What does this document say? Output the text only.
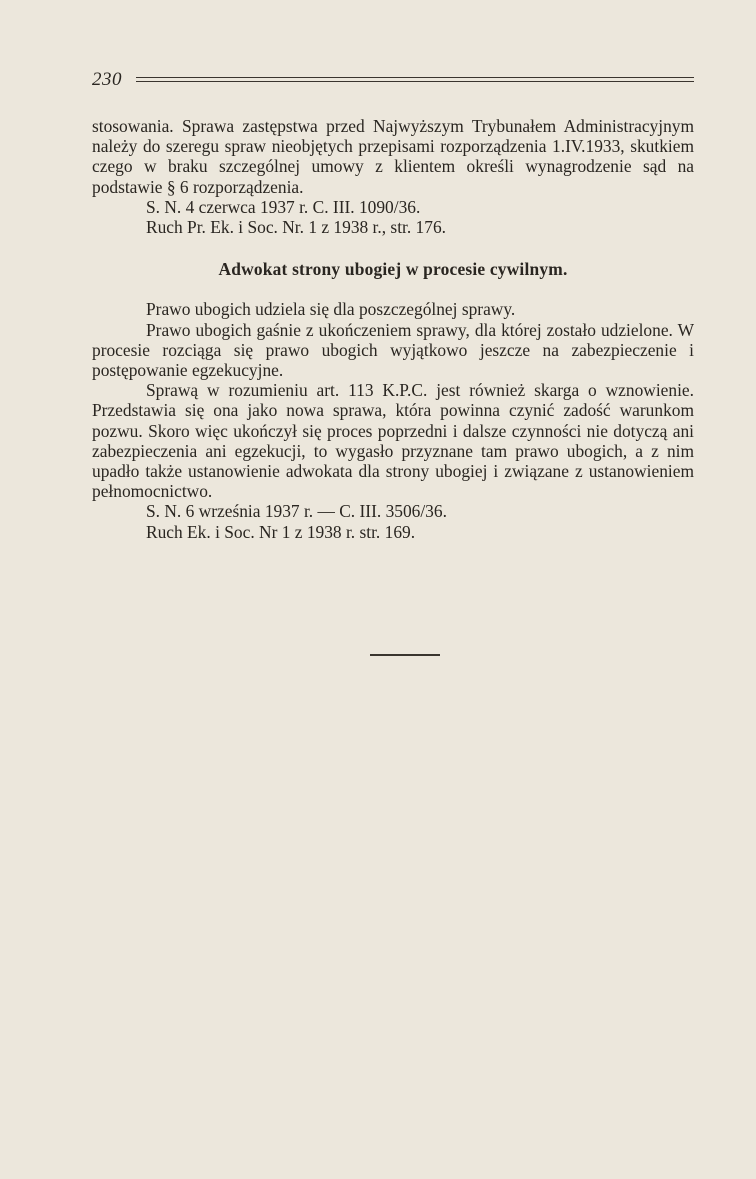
230

stosowania. Sprawa zastępstwa przed Najwyższym Trybunałem Administracyjnym należy do szeregu spraw nieobjętych przepisami rozporządzenia 1.IV.1933, skutkiem czego w braku szczególnej umowy z klientem określi wynagrodzenie sąd na podstawie § 6 rozporządzenia.

S. N. 4 czerwca 1937 r. C. III. 1090/36.

Ruch Pr. Ek. i Soc. Nr. 1 z 1938 r., str. 176.

Adwokat strony ubogiej w procesie cywilnym.

Prawo ubogich udziela się dla poszczególnej sprawy.

Prawo ubogich gaśnie z ukończeniem sprawy, dla której zostało udzielone. W procesie rozciąga się prawo ubogich wyjątkowo jeszcze na zabezpieczenie i postępowanie egzekucyjne.

Sprawą w rozumieniu art. 113 K.P.C. jest również skarga o wznowienie. Przedstawia się ona jako nowa sprawa, która powinna czynić zadość warunkom pozwu. Skoro więc ukończył się proces poprzedni i dalsze czynności nie dotyczą ani zabezpieczenia ani egzekucji, to wygasło przyznane tam prawo ubogich, a z nim upadło także ustanowienie adwokata dla strony ubogiej i związane z ustanowieniem pełnomocnictwo.

S. N. 6 września 1937 r. — C. III. 3506/36.

Ruch Ek. i Soc. Nr 1 z 1938 r. str. 169.
